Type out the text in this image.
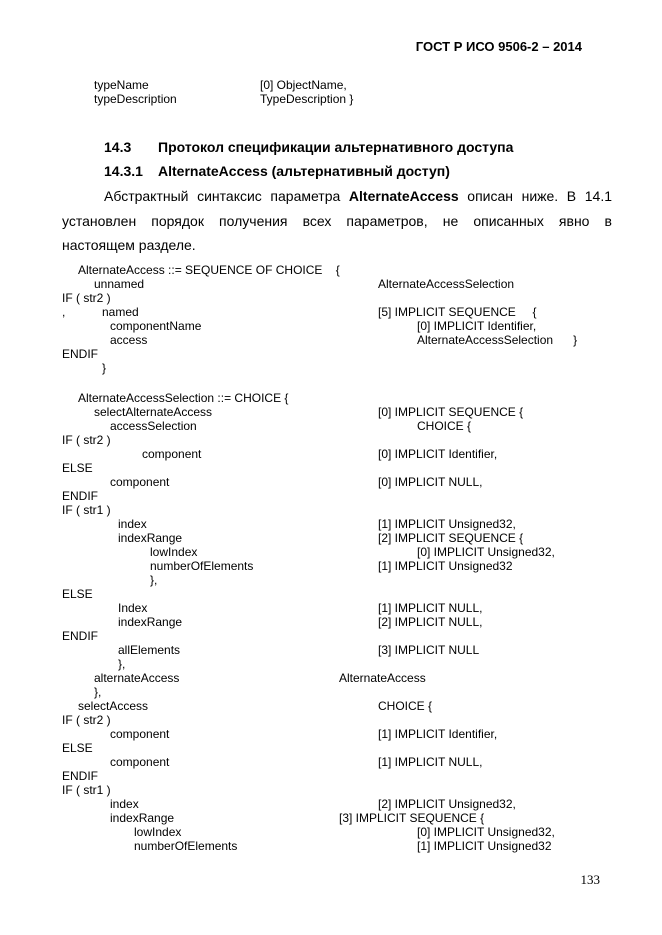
ГОСТ Р ИСО 9506-2 – 2014
typeName	[0] ObjectName,
typeDescription	TypeDescription }
14.3 Протокол спецификации альтернативного доступа
14.3.1 AlternateAccess (альтернативный доступ)
Абстрактный синтаксис параметра AlternateAccess описан ниже. В 14.1
установлен порядок получения всех параметров, не описанных явно в
настоящем разделе.
AlternateAccess ::= SEQUENCE OF CHOICE    {
unnamed	AlternateAccessSelection
IF ( str2 )
,	named	[5] IMPLICIT SEQUENCE     {
componentName	[0] IMPLICIT Identifier,
access	AlternateAccessSelection      }
ENDIF
}
AlternateAccessSelection ::= CHOICE {
selectAlternateAccess	[0] IMPLICIT SEQUENCE {
accessSelection	CHOICE {
IF ( str2 )
component	[0] IMPLICIT Identifier,
ELSE
component	[0] IMPLICIT NULL,
ENDIF
IF ( str1 )
index	[1] IMPLICIT Unsigned32,
indexRange	[2] IMPLICIT SEQUENCE {
lowIndex	[0] IMPLICIT Unsigned32,
numberOfElements	[1] IMPLICIT Unsigned32
},
ELSE
Index	[1] IMPLICIT NULL,
indexRange	[2] IMPLICIT NULL,
ENDIF
allElements	[3] IMPLICIT NULL
},
alternateAccess	AlternateAccess
},
selectAccess	CHOICE {
IF ( str2 )
component	[1] IMPLICIT Identifier,
ELSE
component	[1] IMPLICIT NULL,
ENDIF
IF ( str1 )
index	[2] IMPLICIT Unsigned32,
indexRange	[3] IMPLICIT SEQUENCE {
lowIndex	[0] IMPLICIT Unsigned32,
numberOfElements	[1] IMPLICIT Unsigned32
133
